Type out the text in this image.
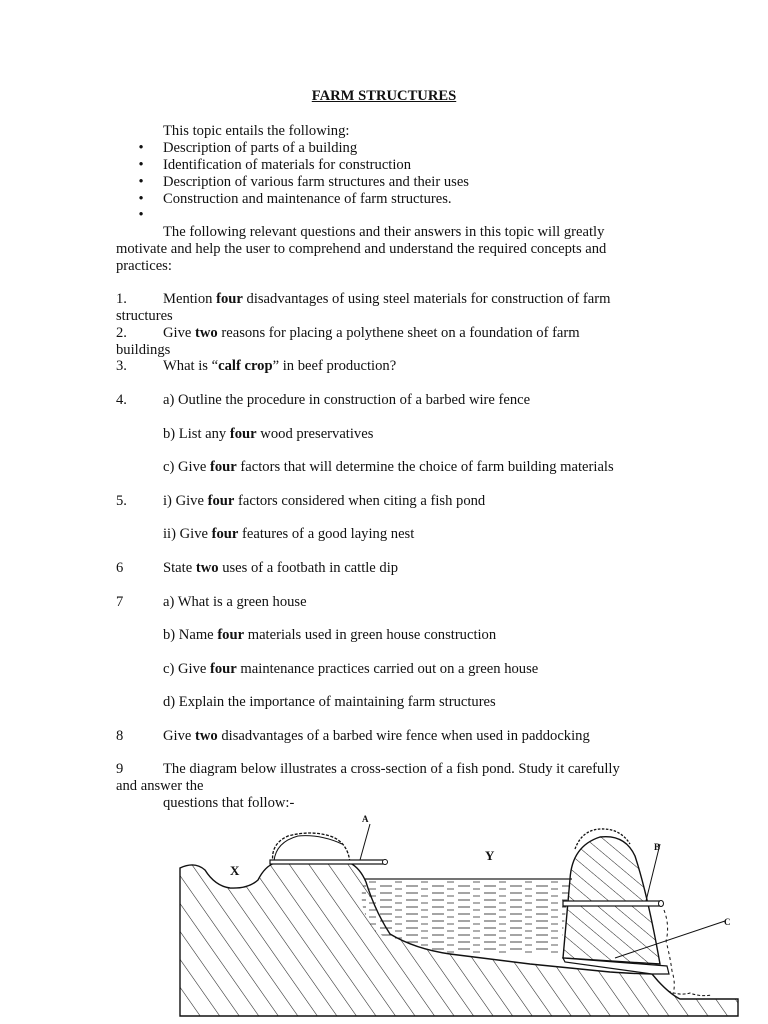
FARM STRUCTURES
This topic entails the following:
• Description of parts of a building
• Identification of materials for construction
• Description of various farm structures and their uses
• Construction and maintenance of farm structures.
•
The following relevant questions and their answers in this topic will greatly
motivate and help the user to comprehend and understand the required concepts and
practices:
1. Mention four disadvantages of using steel materials for construction of farm
structures
2. Give two reasons for placing a polythene sheet on a foundation of farm
buildings
3. What is “calf crop” in beef production?
4. a) Outline the procedure in construction of a barbed wire fence
b) List any four wood preservatives
c) Give four factors that will determine the choice of farm building materials
5. i) Give four factors considered when citing a fish pond
ii) Give four features of a good laying nest
6	State two uses of a footbath in cattle dip
7	a) What is a green house
b) Name four materials used in green house construction
c) Give four maintenance practices carried out on a green house
d) Explain the importance of maintaining farm structures
8	Give two disadvantages of a barbed wire fence when used in paddocking
9	The diagram below illustrates a cross-section of a fish pond. Study it carefully
and answer the
questions that follow:-
A
B
C
X
Y
